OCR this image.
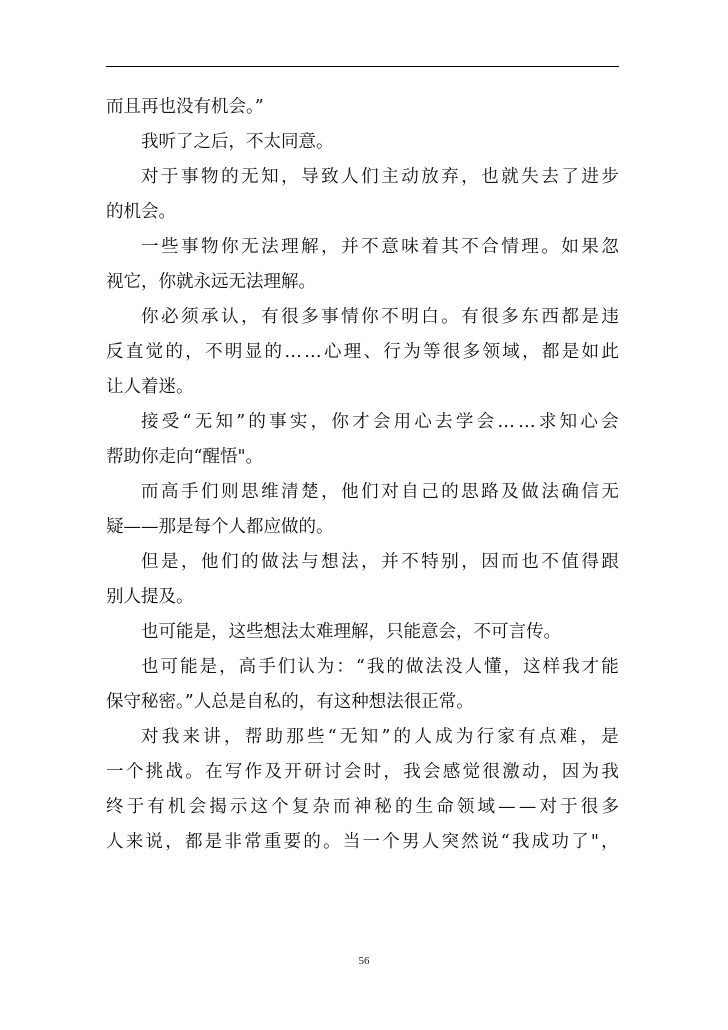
而且再也没有机会。”
我听了之后，不太同意。
对 于 事 物 的 无 知 ， 导 致 人 们 主 动 放 弃 ， 也 就 失 去 了 进 步
的机会。
一 些 事 物 你 无 法 理 解 ， 并 不 意 味 着 其 不 合 情 理 。 如 果 忽
视它，你就永远无法理解。
你 必 须 承 认 ， 有 很 多 事 情 你 不 明 白 。 有 很 多 东 西 都 是 违
反 直 觉 的 ， 不 明 显 的 … … 心 理 、 行 为 等 很 多 领 域 ， 都 是 如 此
让人着迷。
接 受 “ 无 知 ” 的 事 实 ， 你 才 会 用 心 去 学 会 … … 求 知 心 会
帮助你走向“醒悟"。
而 高 手 们 则 思 维 清 楚 ， 他 们 对 自 己 的 思 路 及 做 法 确 信 无
疑——那是每个人都应做的。
但 是 ， 他 们 的 做 法 与 想 法 ， 并 不 特 别 ， 因 而 也 不 值 得 跟
别人提及。
也可能是，这些想法太难理解，只能意会，不可言传。
也 可 能 是 ， 高 手 们 认 为 ： “ 我 的 做 法 没 人 懂 ， 这 样 我 才 能
保守秘密。”人总是自私的，有这种想法很正常。
对 我 来 讲 ， 帮 助 那 些 “ 无 知 ” 的 人 成 为 行 家 有 点 难 ， 是
一 个 挑 战 。 在 写 作 及 开 研 讨 会 时 ， 我 会 感 觉 很 激 动 ， 因 为 我
终 于 有 机 会 揭 示 这 个 复 杂 而 神 秘 的 生 命 领 域 — — 对 于 很 多
人 来 说 ， 都 是 非 常 重 要 的 。 当 一 个 男 人 突 然 说 “ 我 成 功 了 " ，
56
